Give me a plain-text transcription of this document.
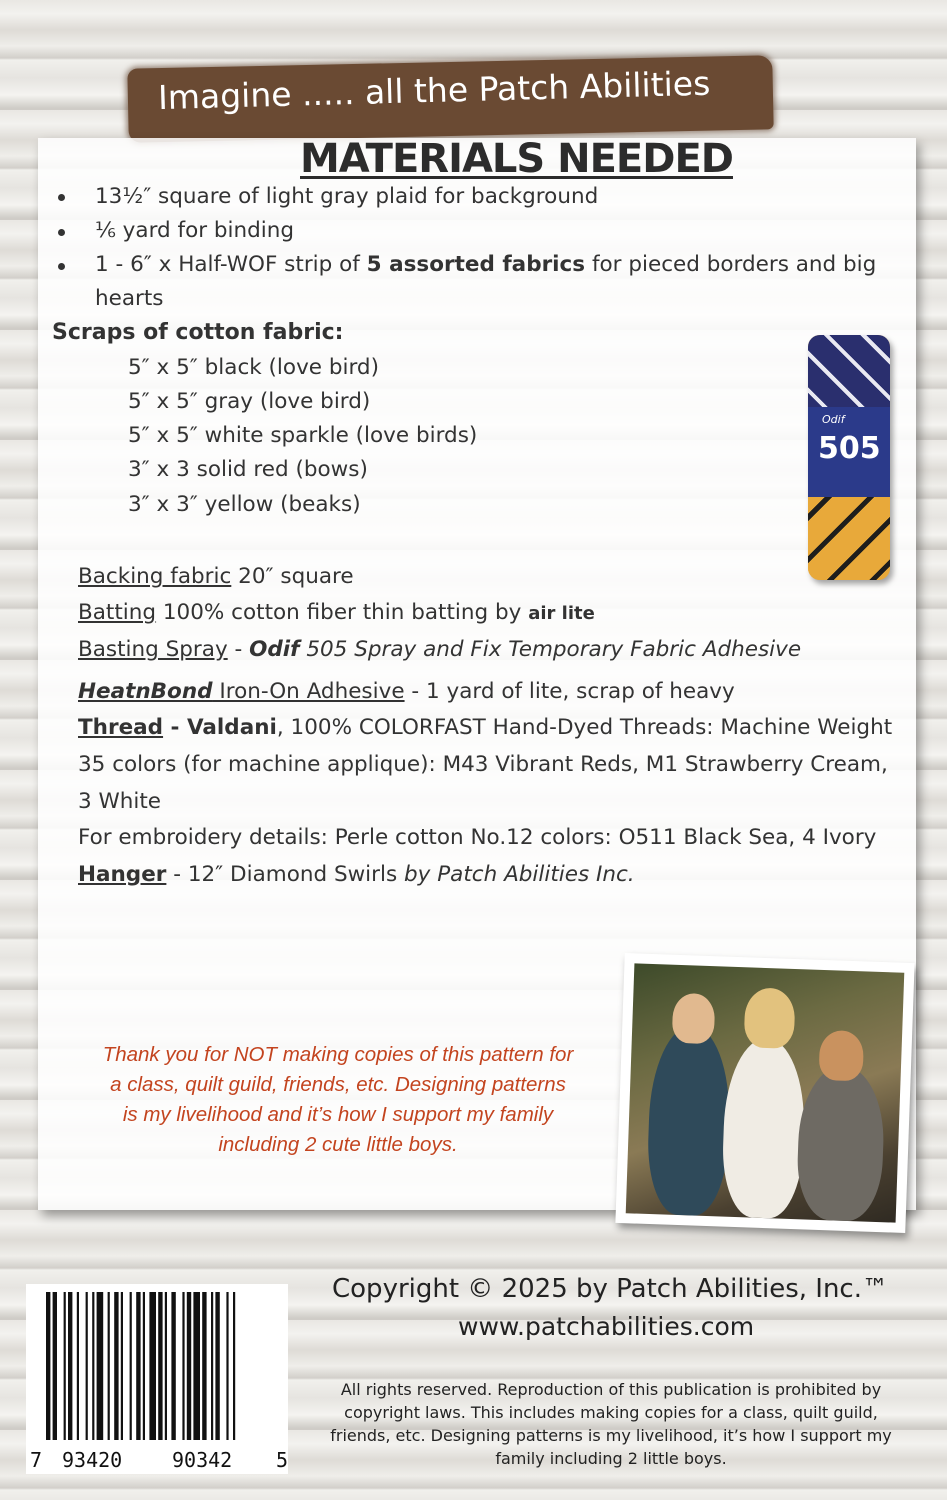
Imagine ..... all the Patch Abilities
MATERIALS NEEDED
13½″ square of light gray plaid for background
⅙ yard for binding
1 - 6″ x Half-WOF strip of 5 assorted fabrics for pieced borders and big
hearts
Scraps of cotton fabric:
5″ x 5″ black (love bird)
5″ x 5″ gray (love bird)
5″ x 5″ white sparkle (love birds)
3″ x 3 solid red (bows)
3″ x 3″ yellow (beaks)
Odif
505
Backing fabric 20″ square
Batting 100% cotton fiber thin batting by air lite
Basting Spray - Odif 505 Spray and Fix Temporary Fabric Adhesive
HeatnBond Iron-On Adhesive - 1 yard of lite, scrap of heavy
Thread - Valdani, 100% COLORFAST Hand-Dyed Threads: Machine Weight
35 colors (for machine applique): M43 Vibrant Reds, M1 Strawberry Cream,
3 White
For embroidery details: Perle cotton No.12 colors: O511 Black Sea, 4 Ivory
Hanger - 12″ Diamond Swirls by Patch Abilities Inc.
Thank you for NOT making copies of this pattern for
a class, quilt guild, friends, etc. Designing patterns
is my livelihood and it’s how I support my family
including 2 cute little boys.
7 93420 90342 5
Copyright © 2025 by Patch Abilities, Inc.™
www.patchabilities.com
All rights reserved. Reproduction of this publication is prohibited by
copyright laws. This includes making copies for a class, quilt guild,
friends, etc. Designing patterns is my livelihood, it’s how I support my
family including 2 little boys.
